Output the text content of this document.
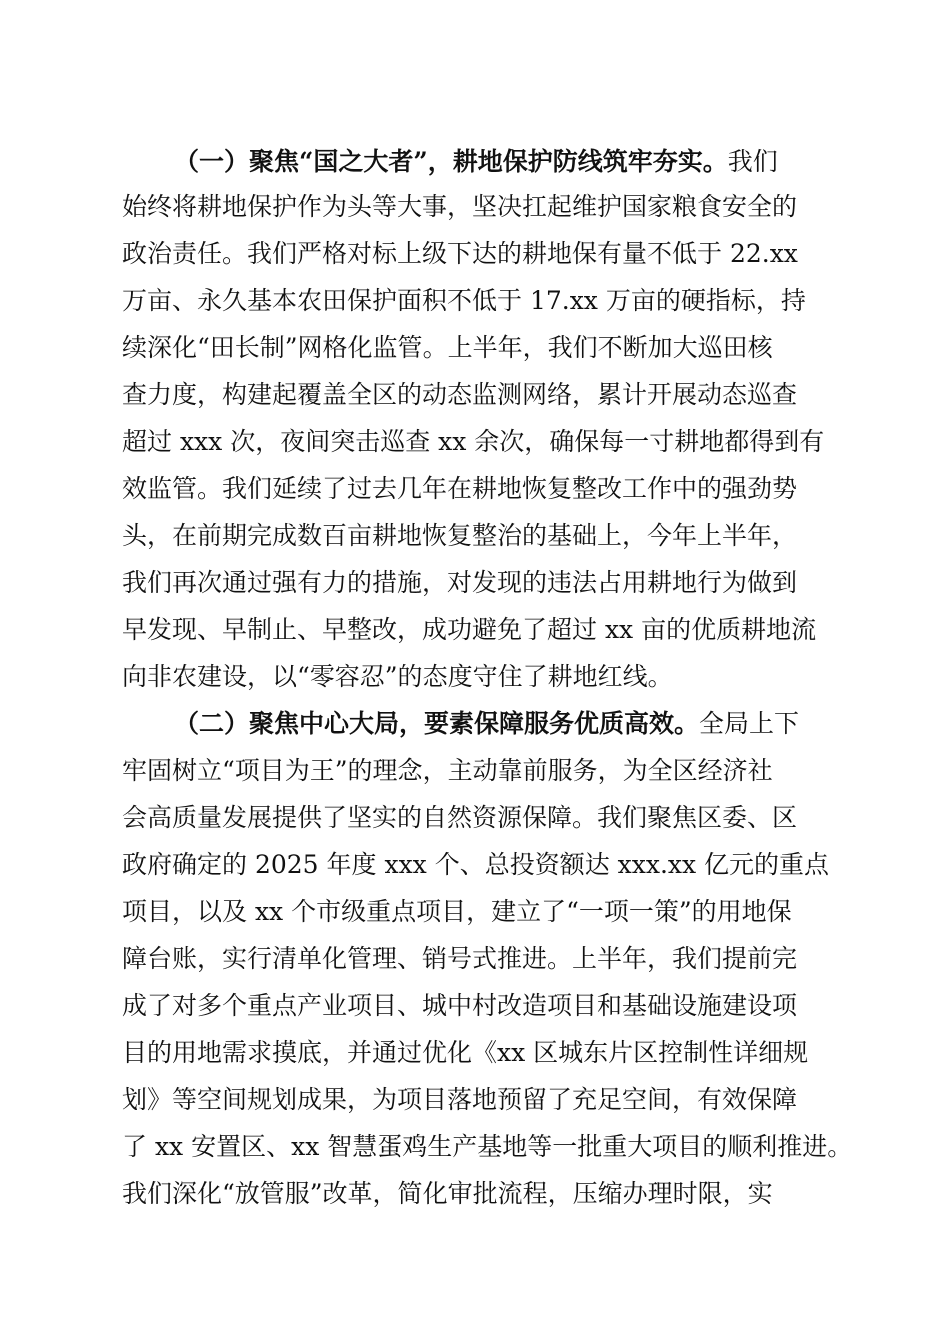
（一）聚焦“国之大者”，耕地保护防线筑牢夯实。我们
始终将耕地保护作为头等大事，坚决扛起维护国家粮食安全的
政治责任。我们严格对标上级下达的耕地保有量不低于 22.xx
万亩、永久基本农田保护面积不低于 17.xx 万亩的硬指标，持
续深化“田长制”网格化监管。上半年，我们不断加大巡田核
查力度，构建起覆盖全区的动态监测网络，累计开展动态巡查
超过 xxx 次，夜间突击巡查 xx 余次，确保每一寸耕地都得到有
效监管。我们延续了过去几年在耕地恢复整改工作中的强劲势
头，在前期完成数百亩耕地恢复整治的基础上，今年上半年，
我们再次通过强有力的措施，对发现的违法占用耕地行为做到
早发现、早制止、早整改，成功避免了超过 xx 亩的优质耕地流
向非农建设，以“零容忍”的态度守住了耕地红线。
（二）聚焦中心大局，要素保障服务优质高效。全局上下
牢固树立“项目为王”的理念，主动靠前服务，为全区经济社
会高质量发展提供了坚实的自然资源保障。我们聚焦区委、区
政府确定的 2025 年度 xxx 个、总投资额达 xxx.xx 亿元的重点
项目，以及 xx 个市级重点项目，建立了“一项一策”的用地保
障台账，实行清单化管理、销号式推进。上半年，我们提前完
成了对多个重点产业项目、城中村改造项目和基础设施建设项
目的用地需求摸底，并通过优化《xx 区城东片区控制性详细规
划》等空间规划成果，为项目落地预留了充足空间，有效保障
了 xx 安置区、xx 智慧蛋鸡生产基地等一批重大项目的顺利推进。
我们深化“放管服”改革，简化审批流程，压缩办理时限，实
